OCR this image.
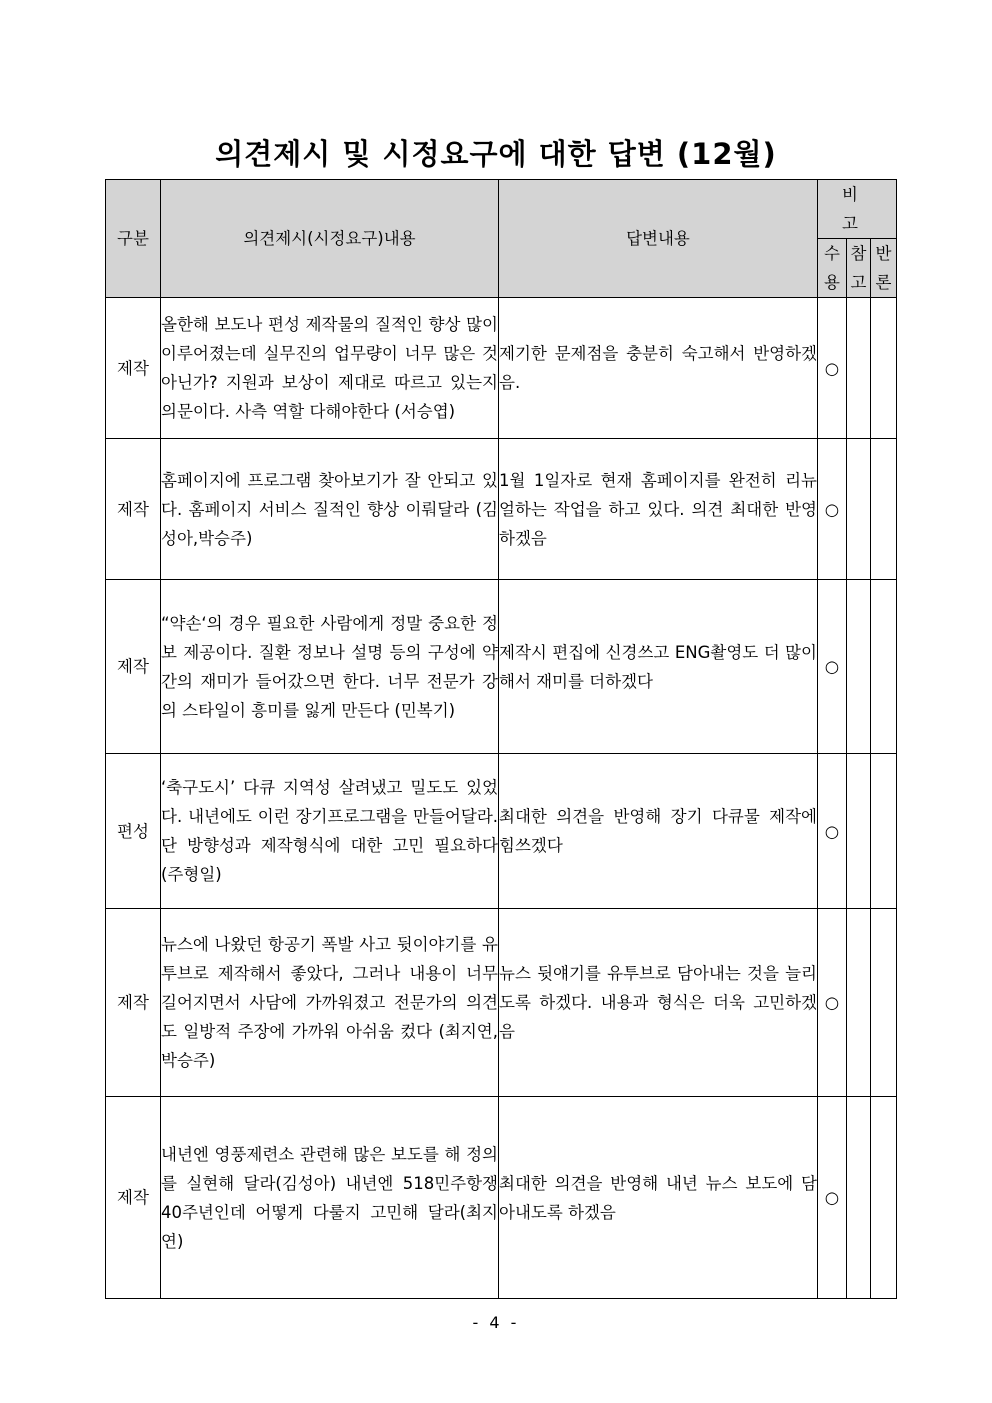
의견제시 및 시정요구에 대한 답변 (12월)
구분	의견제시(시정요구)내용	답변내용	비 고		
			수용	참고	반론
제작	올한해 보도나 편성 제작물의 질적인 향상 많이 이루어졌는데 실무진의 업무량이 너무 많은 것 아닌가? 지원과 보상이 제대로 따르고 있는지 의문이다. 사측 역할 다해야한다 (서승엽)	제기한 문제점을 충분히 숙고해서 반영하겠음.	○		
제작	홈페이지에 프로그램 찾아보기가 잘 안되고 있다. 홈페이지 서비스 질적인 향상 이뤄달라 (김성아,박승주)	1월 1일자로 현재 홈페이지를 완전히 리뉴얼하는 작업을 하고 있다. 의견 최대한 반영하겠음	○		
제작	“약손‘의 경우 필요한 사람에게 정말 중요한 정보 제공이다. 질환 정보나 설명 등의 구성에 약간의 재미가 들어갔으면 한다. 너무 전문가 강의 스타일이 흥미를 잃게 만든다 (민복기)	제작시 편집에 신경쓰고 ENG촬영도 더 많이 해서 재미를 더하겠다	○		
편성	‘축구도시’ 다큐 지역성 살려냈고 밀도도 있었다. 내년에도 이런 장기프로그램을 만들어달라. 단 방향성과 제작형식에 대한 고민 필요하다 (주형일)	최대한 의견을 반영해 장기 다큐물 제작에 힘쓰겠다	○		
제작	뉴스에 나왔던 항공기 폭발 사고 뒷이야기를 유투브로 제작해서 좋았다, 그러나 내용이 너무 길어지면서 사담에 가까워졌고 전문가의 의견도 일방적 주장에 가까워 아쉬움 컸다 (최지연, 박승주)	뉴스 뒷얘기를 유투브로 담아내는 것을 늘리도록 하겠다. 내용과 형식은 더욱 고민하겠음	○		
제작	내년엔 영풍제련소 관련해 많은 보도를 해 정의를 실현해 달라(김성아) 내년엔 518민주항쟁 40주년인데 어떻게 다룰지 고민해 달라(최지연)	최대한 의견을 반영해 내년 뉴스 보도에 담아내도록 하겠음	○		
- 4 -
